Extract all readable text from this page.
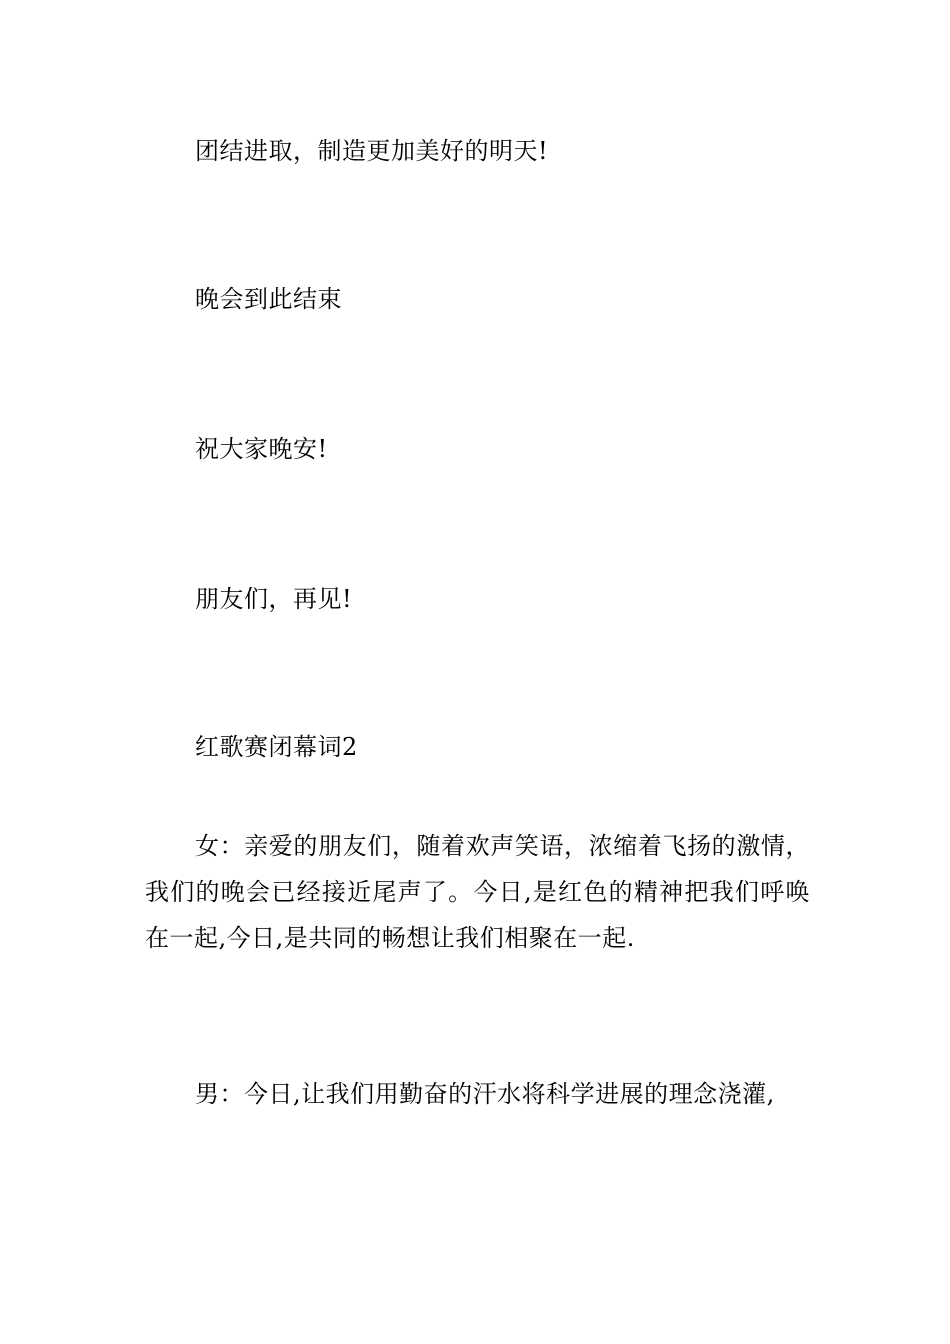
团结进取，制造更加美好的明天!

晚会到此结束

祝大家晚安!

朋友们，再见!

红歌赛闭幕词2

女：亲爱的朋友们，随着欢声笑语，浓缩着飞扬的激情，我们的晚会已经接近尾声了。今日,是红色的精神把我们呼唤在一起,今日,是共同的畅想让我们相聚在一起.

男：今日,让我们用勤奋的汗水将科学进展的理念浇灌,
